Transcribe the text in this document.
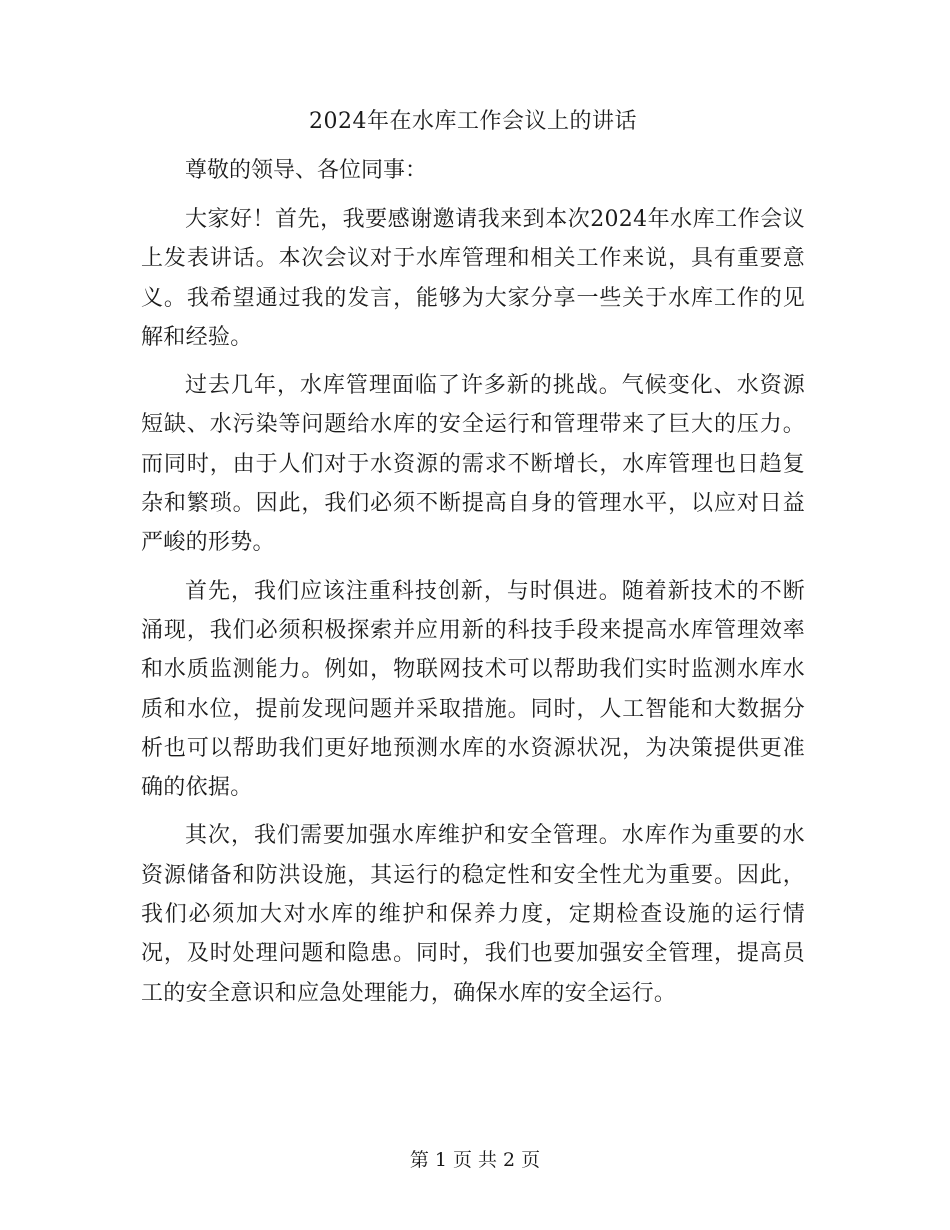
2024年在水库工作会议上的讲话

尊敬的领导、各位同事：

大家好！首先，我要感谢邀请我来到本次2024年水库工作会议上发表讲话。本次会议对于水库管理和相关工作来说，具有重要意义。我希望通过我的发言，能够为大家分享一些关于水库工作的见解和经验。

过去几年，水库管理面临了许多新的挑战。气候变化、水资源短缺、水污染等问题给水库的安全运行和管理带来了巨大的压力。而同时，由于人们对于水资源的需求不断增长，水库管理也日趋复杂和繁琐。因此，我们必须不断提高自身的管理水平，以应对日益严峻的形势。

首先，我们应该注重科技创新，与时俱进。随着新技术的不断涌现，我们必须积极探索并应用新的科技手段来提高水库管理效率和水质监测能力。例如，物联网技术可以帮助我们实时监测水库水质和水位，提前发现问题并采取措施。同时，人工智能和大数据分析也可以帮助我们更好地预测水库的水资源状况，为决策提供更准确的依据。

其次，我们需要加强水库维护和安全管理。水库作为重要的水资源储备和防洪设施，其运行的稳定性和安全性尤为重要。因此，我们必须加大对水库的维护和保养力度，定期检查设施的运行情况，及时处理问题和隐患。同时，我们也要加强安全管理，提高员工的安全意识和应急处理能力，确保水库的安全运行。

第 1 页 共 2 页
